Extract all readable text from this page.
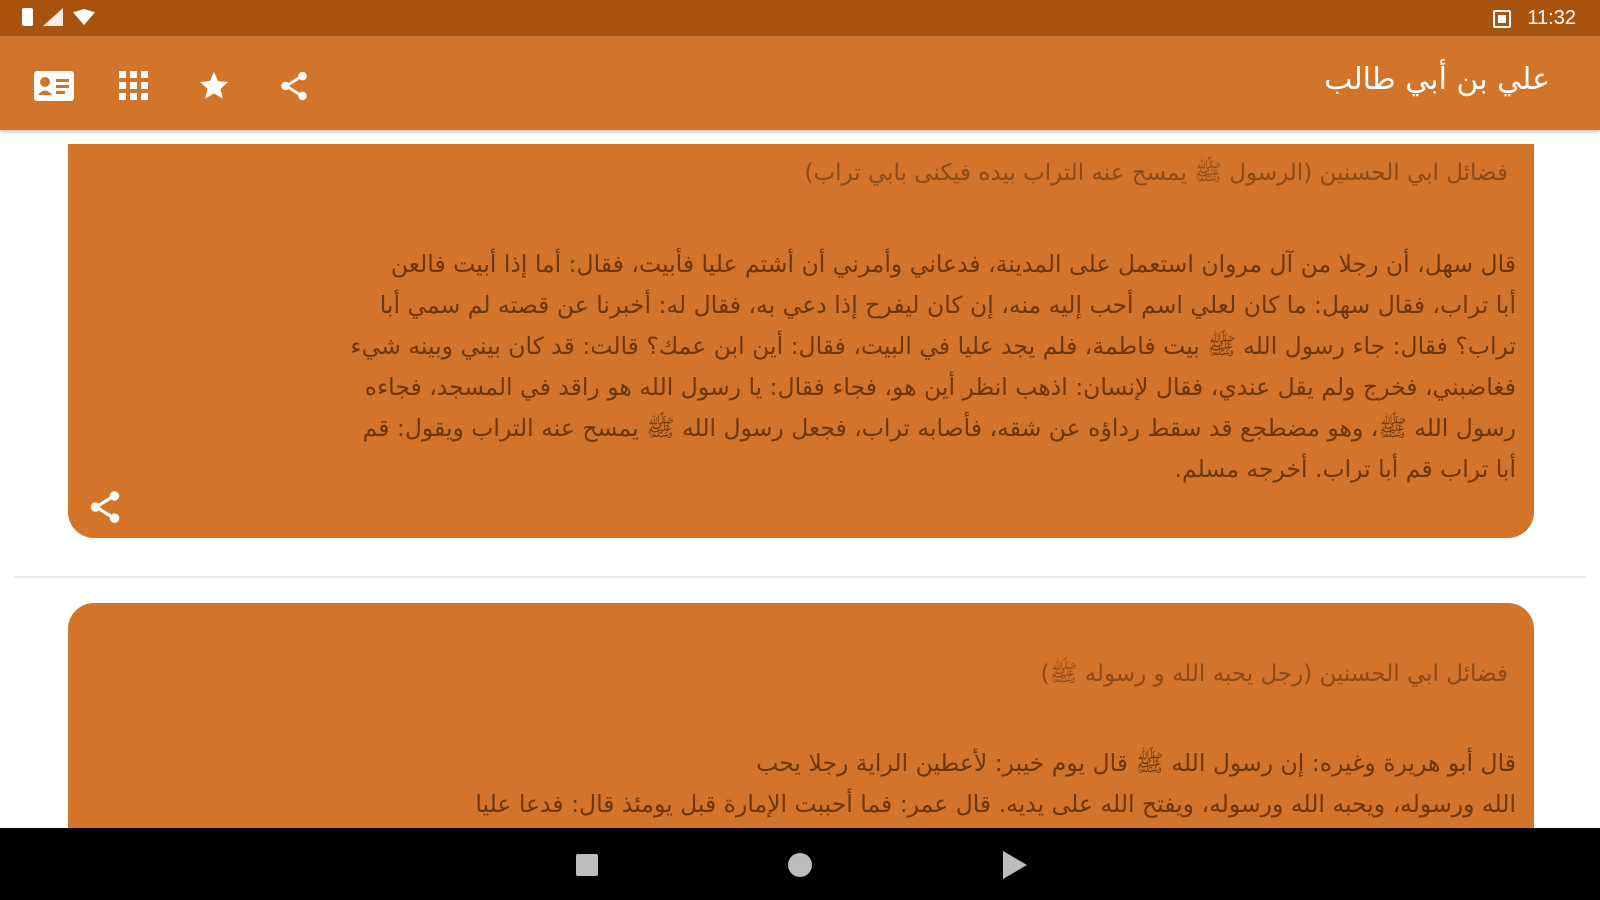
11:32
علي بن أبي طالب
فضائل ابي الحسنين (الرسول ﷺ يمسح عنه التراب بيده فيكنى بابي تراب)
قال سهل، أن رجلا من آل مروان استعمل على المدينة، فدعاني وأمرني أن أشتم عليا فأبيت، فقال: أما إذا أبيت فالعن
أبا تراب، فقال سهل: ما كان لعلي اسم أحب إليه منه، إن كان ليفرح إذا دعي به، فقال له: أخبرنا عن قصته لم سمي أبا
تراب؟ فقال: جاء رسول الله ﷺ بيت فاطمة، فلم يجد عليا في البيت، فقال: أين ابن عمك؟ قالت: قد كان بيني وبينه شيء
فغاضبني، فخرج ولم يقل عندي، فقال لإنسان: اذهب انظر أين هو، فجاء فقال: يا رسول الله هو راقد في المسجد، فجاءه
رسول الله ﷺ، وهو مضطجع قد سقط رداؤه عن شقه، فأصابه تراب، فجعل رسول الله ﷺ يمسح عنه التراب ويقول: قم
أبا تراب قم أبا تراب. أخرجه مسلم.
فضائل ابي الحسنين (رجل يحبه الله و رسوله ﷺ)
قال أبو هريرة وغيره: إن رسول الله ﷺ قال يوم خيبر: لأعطين الراية رجلا يحب
الله ورسوله، ويحبه الله ورسوله، ويفتح الله على يديه. قال عمر: فما أحببت الإمارة قبل يومئذ قال: فدعا عليا
